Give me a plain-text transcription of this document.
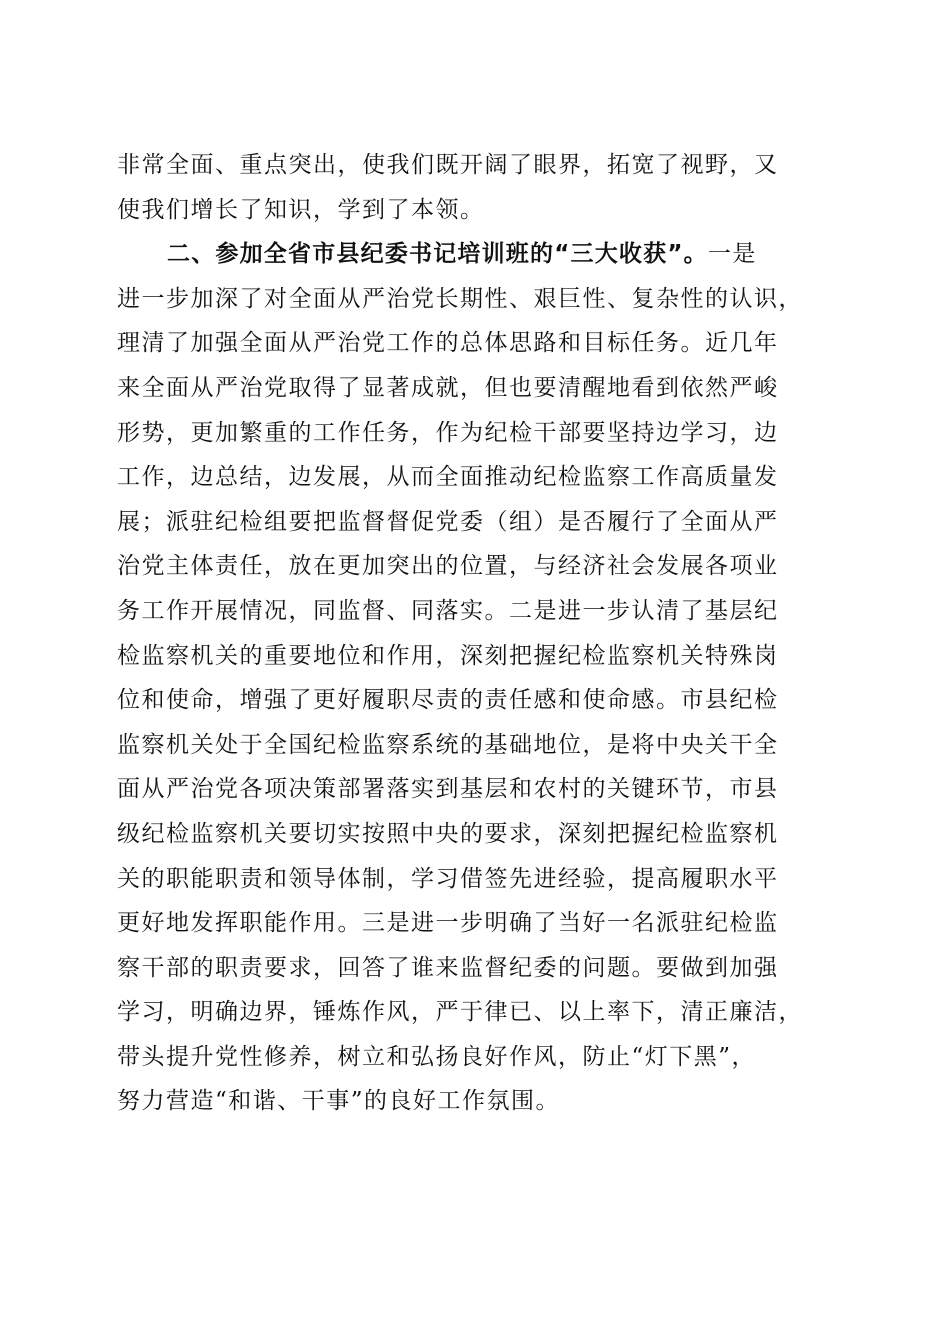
非常全面、重点突出，使我们既开阔了眼界，拓宽了视野，又
使我们增长了知识，学到了本领。
二、参加全省市县纪委书记培训班的“三大收获”。一是
进一步加深了对全面从严治党长期性、艰巨性、复杂性的认识，
理清了加强全面从严治党工作的总体思路和目标任务。近几年
来全面从严治党取得了显著成就，但也要清醒地看到依然严峻
形势，更加繁重的工作任务，作为纪检干部要坚持边学习，边
工作，边总结，边发展，从而全面推动纪检监察工作高质量发
展；派驻纪检组要把监督督促党委（组）是否履行了全面从严
治党主体责任，放在更加突出的位置，与经济社会发展各项业
务工作开展情况，同监督、同落实。二是进一步认清了基层纪
检监察机关的重要地位和作用，深刻把握纪检监察机关特殊岗
位和使命，增强了更好履职尽责的责任感和使命感。市县纪检
监察机关处于全国纪检监察系统的基础地位，是将中央关干全
面从严治党各项决策部署落实到基层和农村的关键环节，市县
级纪检监察机关要切实按照中央的要求，深刻把握纪检监察机
关的职能职责和领导体制，学习借签先进经验，提高履职水平
更好地发挥职能作用。三是进一步明确了当好一名派驻纪检监
察干部的职责要求，回答了谁来监督纪委的问题。要做到加强
学习，明确边界，锤炼作风，严于律已、以上率下，清正廉洁，
带头提升党性修养，树立和弘扬良好作风，防止“灯下黑”，
努力营造“和谐、干事”的良好工作氛围。
